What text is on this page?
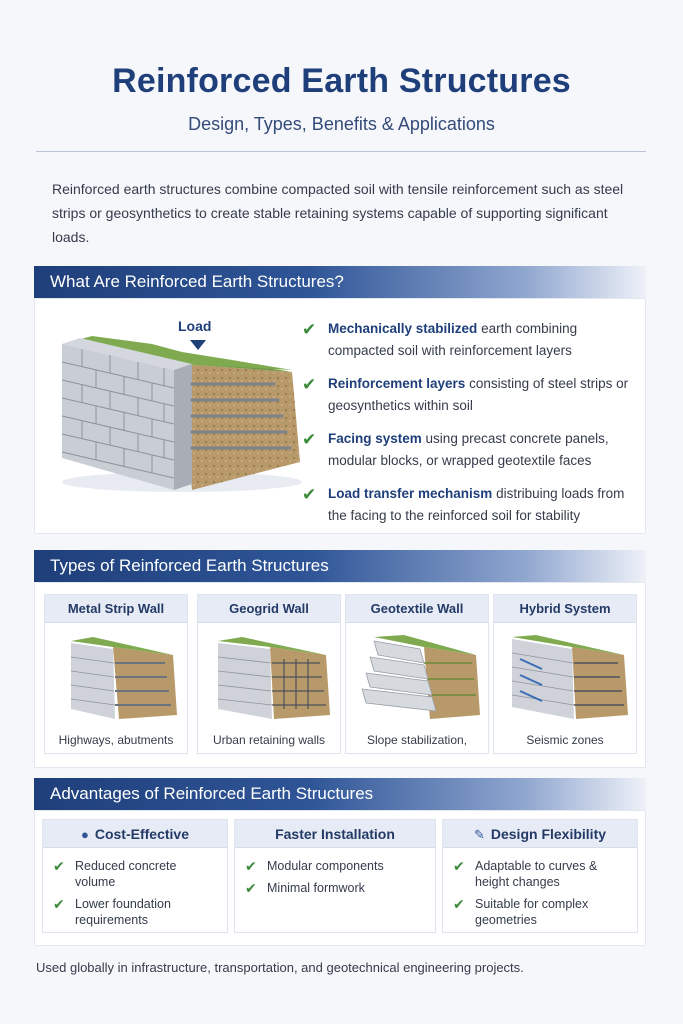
Reinforced Earth Structures
Design, Types, Benefits & Applications

Reinforced earth structures combine compacted soil with tensile reinforcement such as steel strips or geosynthetics to create stable retaining systems capable of supporting significant loads.

What Are Reinforced Earth Structures?
Load	✔ Mechanically stabilized earth combining compacted soil with reinforcement layers
✔ Reinforcement layers consisting of steel strips or geosynthetics within soil
✔ Facing system using precast concrete panels, modular blocks, or wrapped geotextile faces
✔ Load transfer mechanism distribuing loads from the facing to the reinforced soil for stability
Types of Reinforced Earth Structures
Metal Strip Wall
Highways, abutments
Geogrid Wall
Urban retaining walls
Geotextile Wall
Slope stabilization,
Hybrid System
Seismic zones
Advantages of Reinforced Earth Structures
● Cost-Effective
✔ Reduced concrete volume
✔ Lower foundation requirements
Faster Installation
✔ Modular components
✔ Minimal formwork
✎ Design Flexibility
✔ Adaptable to curves & height changes
✔ Suitable for complex geometries

Used globally in infrastructure, transportation, and geotechnical engineering projects.
